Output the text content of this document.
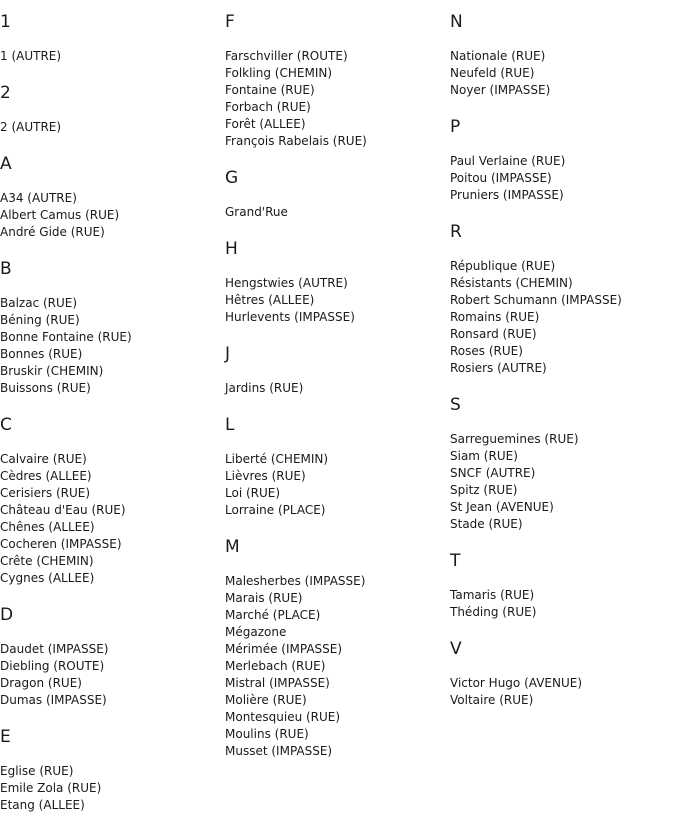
1
1 (AUTRE)
2
2 (AUTRE)
A
A34 (AUTRE)
Albert Camus (RUE)
André Gide (RUE)
B
Balzac (RUE)
Béning (RUE)
Bonne Fontaine (RUE)
Bonnes (RUE)
Bruskir (CHEMIN)
Buissons (RUE)
C
Calvaire (RUE)
Cèdres (ALLEE)
Cerisiers (RUE)
Château d'Eau (RUE)
Chênes (ALLEE)
Cocheren (IMPASSE)
Crête (CHEMIN)
Cygnes (ALLEE)
D
Daudet (IMPASSE)
Diebling (ROUTE)
Dragon (RUE)
Dumas (IMPASSE)
E
Eglise (RUE)
Emile Zola (RUE)
Etang (ALLEE)
F
Farschviller (ROUTE)
Folkling (CHEMIN)
Fontaine (RUE)
Forbach (RUE)
Forêt (ALLEE)
François Rabelais (RUE)
G
Grand'Rue
H
Hengstwies (AUTRE)
Hêtres (ALLEE)
Hurlevents (IMPASSE)
J
Jardins (RUE)
L
Liberté (CHEMIN)
Lièvres (RUE)
Loi (RUE)
Lorraine (PLACE)
M
Malesherbes (IMPASSE)
Marais (RUE)
Marché (PLACE)
Mégazone
Mérimée (IMPASSE)
Merlebach (RUE)
Mistral (IMPASSE)
Molière (RUE)
Montesquieu (RUE)
Moulins (RUE)
Musset (IMPASSE)
N
Nationale (RUE)
Neufeld (RUE)
Noyer (IMPASSE)
P
Paul Verlaine (RUE)
Poitou (IMPASSE)
Pruniers (IMPASSE)
R
République (RUE)
Résistants (CHEMIN)
Robert Schumann (IMPASSE)
Romains (RUE)
Ronsard (RUE)
Roses (RUE)
Rosiers (AUTRE)
S
Sarreguemines (RUE)
Siam (RUE)
SNCF (AUTRE)
Spitz (RUE)
St Jean (AVENUE)
Stade (RUE)
T
Tamaris (RUE)
Théding (RUE)
V
Victor Hugo (AVENUE)
Voltaire (RUE)
